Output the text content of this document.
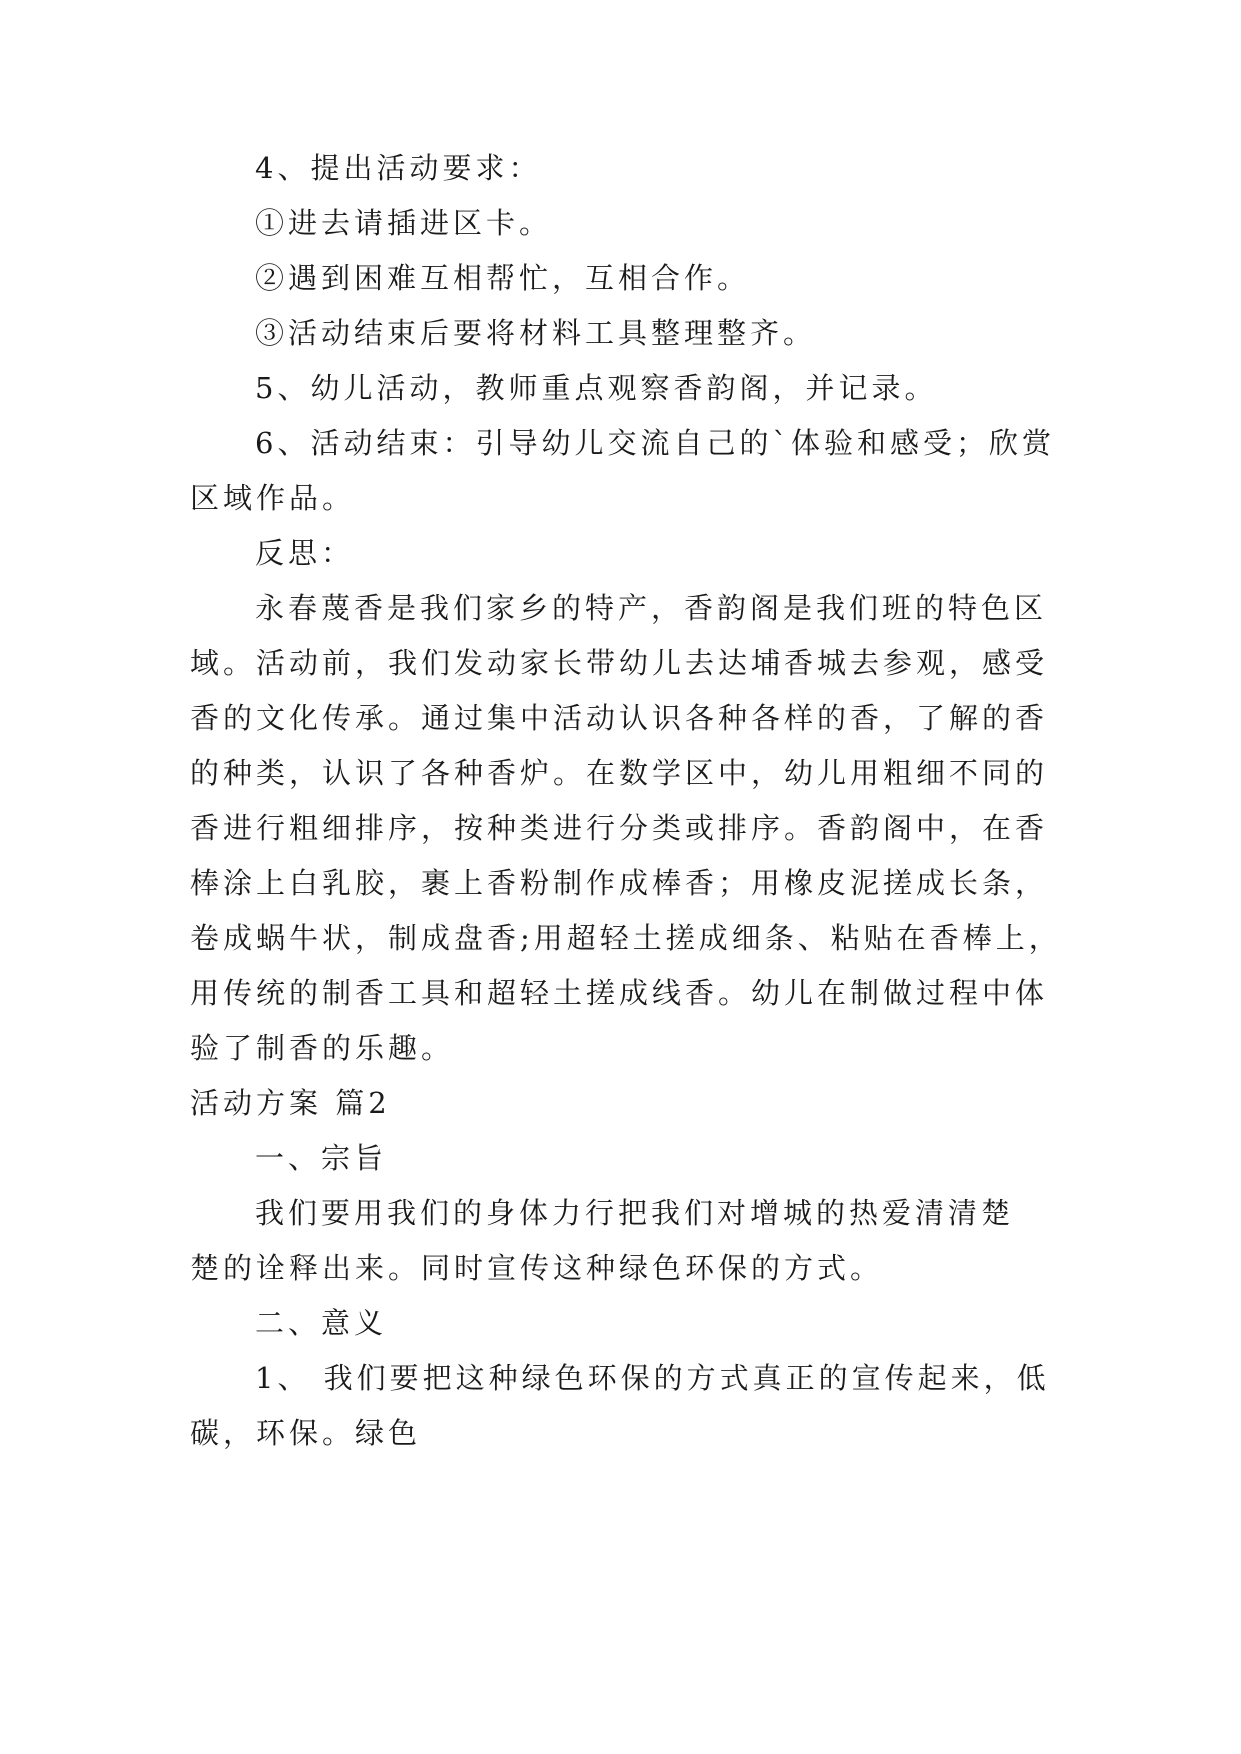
4、提出活动要求：
①进去请插进区卡。
②遇到困难互相帮忙，互相合作。
③活动结束后要将材料工具整理整齐。
5、幼儿活动，教师重点观察香韵阁，并记录。
6、活动结束：引导幼儿交流自己的`体验和感受；欣赏
区域作品。
反思：
永春蔑香是我们家乡的特产，香韵阁是我们班的特色区
域。活动前，我们发动家长带幼儿去达埔香城去参观，感受
香的文化传承。通过集中活动认识各种各样的香，了解的香
的种类，认识了各种香炉。在数学区中，幼儿用粗细不同的
香进行粗细排序，按种类进行分类或排序。香韵阁中，在香
棒涂上白乳胶，裹上香粉制作成棒香；用橡皮泥搓成长条，
卷成蜗牛状，制成盘香;用超轻土搓成细条、粘贴在香棒上，
用传统的制香工具和超轻土搓成线香。幼儿在制做过程中体
验了制香的乐趣。
活动方案 篇2
一、宗旨
我们要用我们的身体力行把我们对增城的热爱清清楚
楚的诠释出来。同时宣传这种绿色环保的方式。
二、意义
1、 我们要把这种绿色环保的方式真正的宣传起来，低
碳，环保。绿色
